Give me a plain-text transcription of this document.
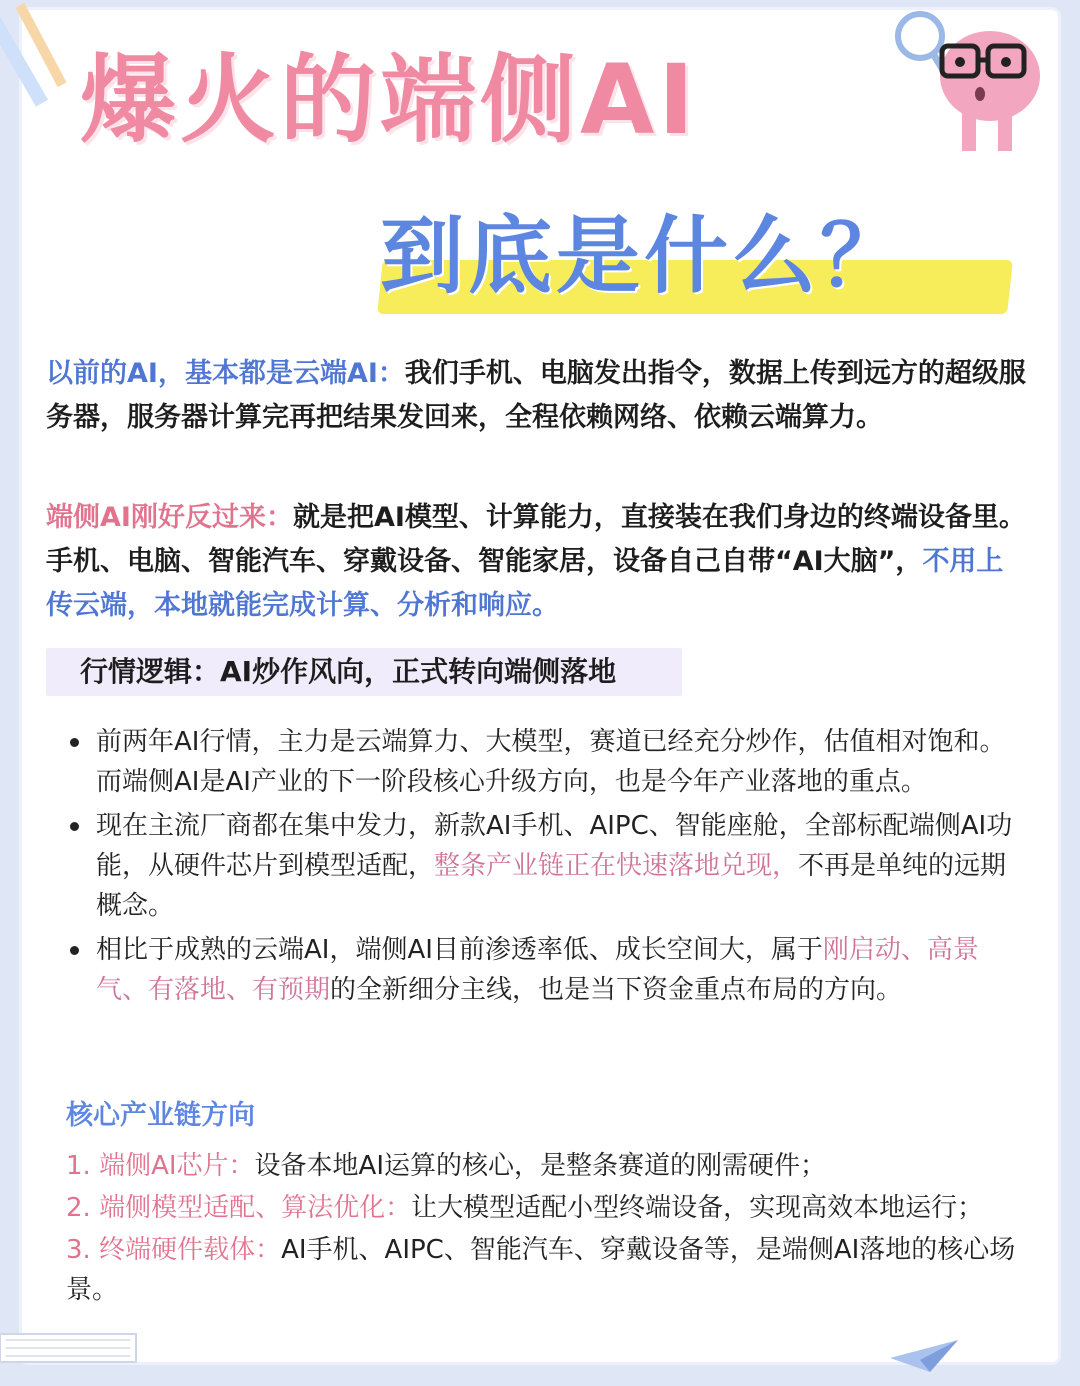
爆火的端侧AI
到底是什么？

以前的AI，基本都是云端AI：我们手机、电脑发出指令，数据上传到远方的超级服务器，服务器计算完再把结果发回来，全程依赖网络、依赖云端算力。

端侧AI刚好反过来：就是把AI模型、计算能力，直接装在我们身边的终端设备里。手机、电脑、智能汽车、穿戴设备、智能家居，设备自己自带“AI大脑”，不用上传云端，本地就能完成计算、分析和响应。

行情逻辑：AI炒作风向，正式转向端侧落地
前两年AI行情，主力是云端算力、大模型，赛道已经充分炒作，估值相对饱和。而端侧AI是AI产业的下一阶段核心升级方向，也是今年产业落地的重点。
现在主流厂商都在集中发力，新款AI手机、AIPC、智能座舱，全部标配端侧AI功能，从硬件芯片到模型适配，整条产业链正在快速落地兑现，不再是单纯的远期概念。
相比于成熟的云端AI，端侧AI目前渗透率低、成长空间大，属于刚启动、高景气、有落地、有预期的全新细分主线，也是当下资金重点布局的方向。
核心产业链方向
1. 端侧AI芯片：设备本地AI运算的核心，是整条赛道的刚需硬件；
2. 端侧模型适配、算法优化：让大模型适配小型终端设备，实现高效本地运行；
3. 终端硬件载体：AI手机、AIPC、智能汽车、穿戴设备等，是端侧AI落地的核心场景。
